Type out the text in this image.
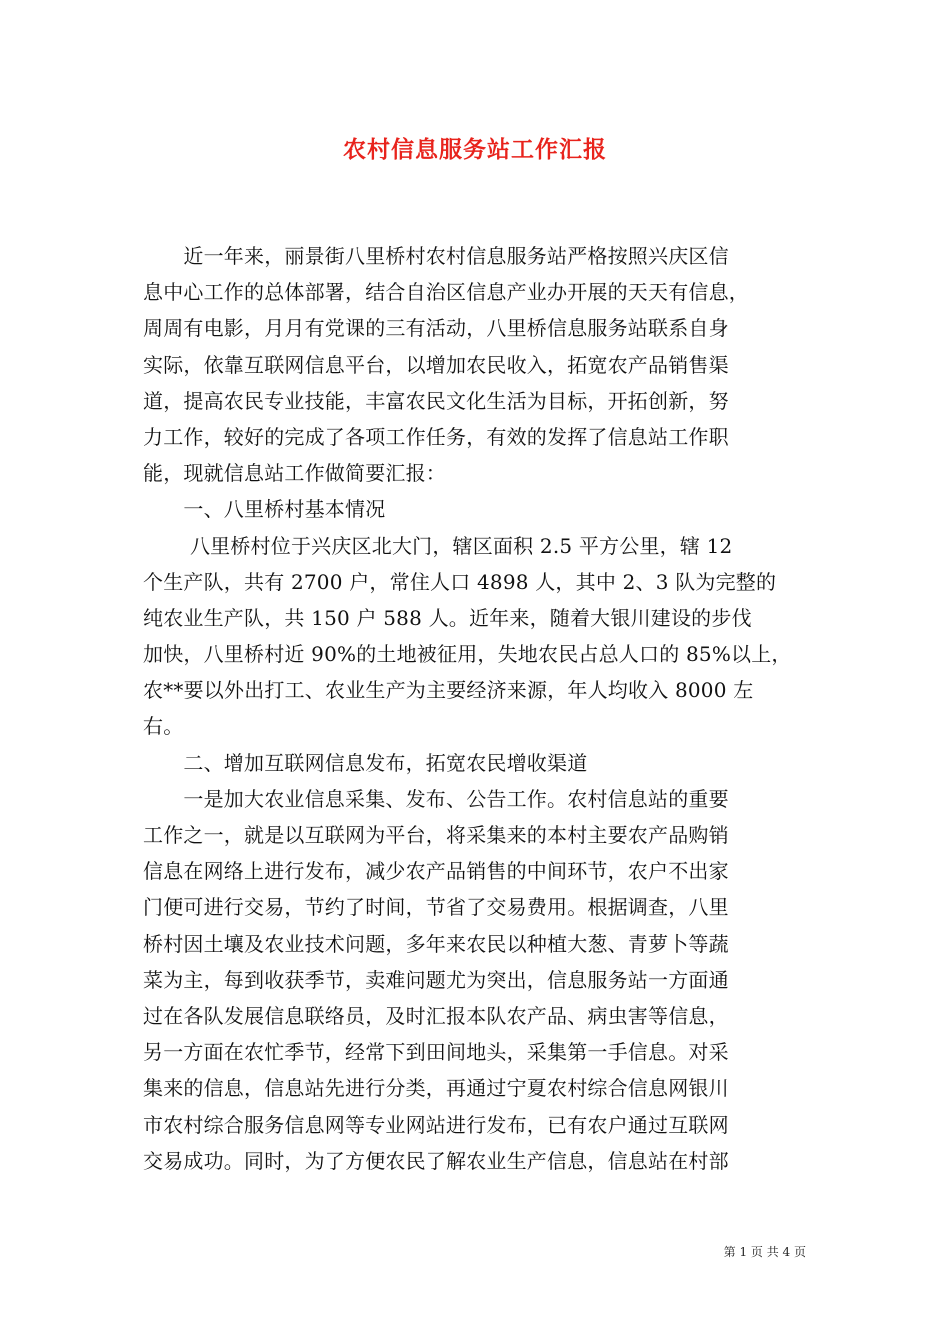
农村信息服务站工作汇报
　　近一年来，丽景街八里桥村农村信息服务站严格按照兴庆区信
息中心工作的总体部署，结合自治区信息产业办开展的天天有信息，
周周有电影，月月有党课的三有活动，八里桥信息服务站联系自身
实际，依靠互联网信息平台，以增加农民收入，拓宽农产品销售渠
道，提高农民专业技能，丰富农民文化生活为目标，开拓创新，努
力工作，较好的完成了各项工作任务，有效的发挥了信息站工作职
能，现就信息站工作做简要汇报：
　　一、八里桥村基本情况
　　 八里桥村位于兴庆区北大门，辖区面积 2.5 平方公里，辖 12
个生产队，共有 2700 户，常住人口 4898 人，其中 2、3 队为完整的
纯农业生产队，共 150 户 588 人。近年来，随着大银川建设的步伐
加快，八里桥村近 90%的土地被征用，失地农民占总人口的 85%以上，
农**要以外出打工、农业生产为主要经济来源，年人均收入 8000 左
右。
　　二、增加互联网信息发布，拓宽农民增收渠道
　　一是加大农业信息采集、发布、公告工作。农村信息站的重要
工作之一，就是以互联网为平台，将采集来的本村主要农产品购销
信息在网络上进行发布，减少农产品销售的中间环节，农户不出家
门便可进行交易，节约了时间，节省了交易费用。根据调查，八里
桥村因土壤及农业技术问题，多年来农民以种植大葱、青萝卜等蔬
菜为主，每到收获季节，卖难问题尤为突出，信息服务站一方面通
过在各队发展信息联络员，及时汇报本队农产品、病虫害等信息，
另一方面在农忙季节，经常下到田间地头，采集第一手信息。对采
集来的信息，信息站先进行分类，再通过宁夏农村综合信息网银川
市农村综合服务信息网等专业网站进行发布，已有农户通过互联网
交易成功。同时，为了方便农民了解农业生产信息，信息站在村部
第 1 页 共 4 页
